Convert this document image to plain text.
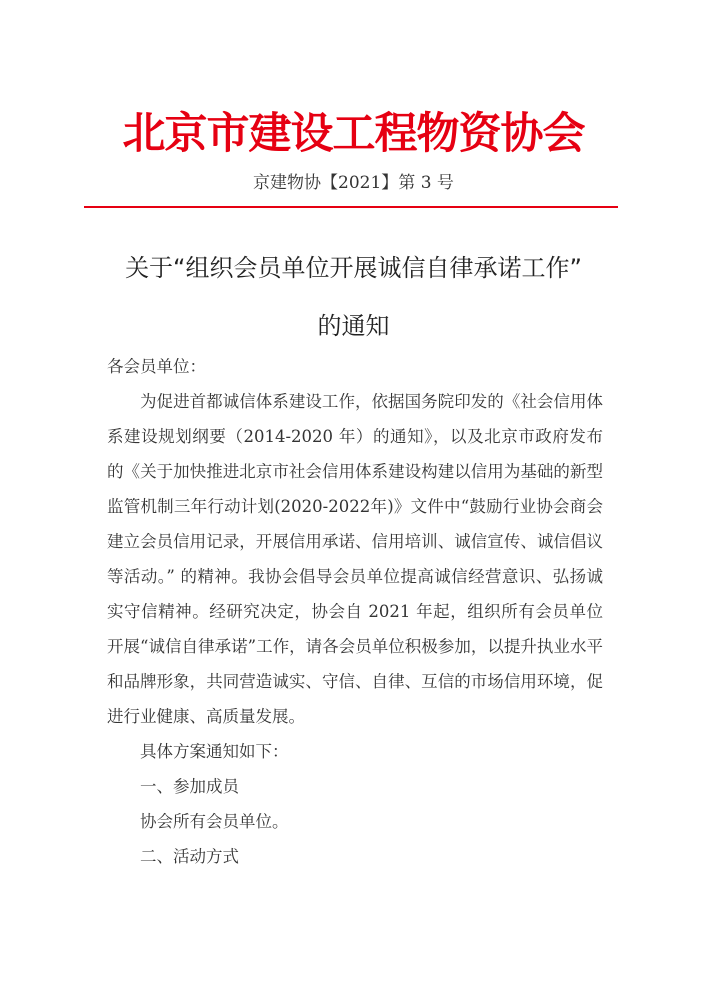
北京市建设工程物资协会
京建物协【2021】第 3 号
关于“组织会员单位开展诚信自律承诺工作”
的通知

各会员单位：

为促进首都诚信体系建设工作，依据国务院印发的《社会信用体系建设规划纲要（2014-2020 年）的通知》，以及北京市政府发布的《关于加快推进北京市社会信用体系建设构建以信用为基础的新型监管机制三年行动计划(2020-2022年)》文件中“鼓励行业协会商会建立会员信用记录，开展信用承诺、信用培训、诚信宣传、诚信倡议等活动。” 的精神。我协会倡导会员单位提高诚信经营意识、弘扬诚实守信精神。经研究决定，协会自 2021 年起，组织所有会员单位开展“诚信自律承诺”工作，请各会员单位积极参加，以提升执业水平和品牌形象，共同营造诚实、守信、自律、互信的市场信用环境，促进行业健康、高质量发展。

具体方案通知如下：

一、参加成员

协会所有会员单位。

二、活动方式
